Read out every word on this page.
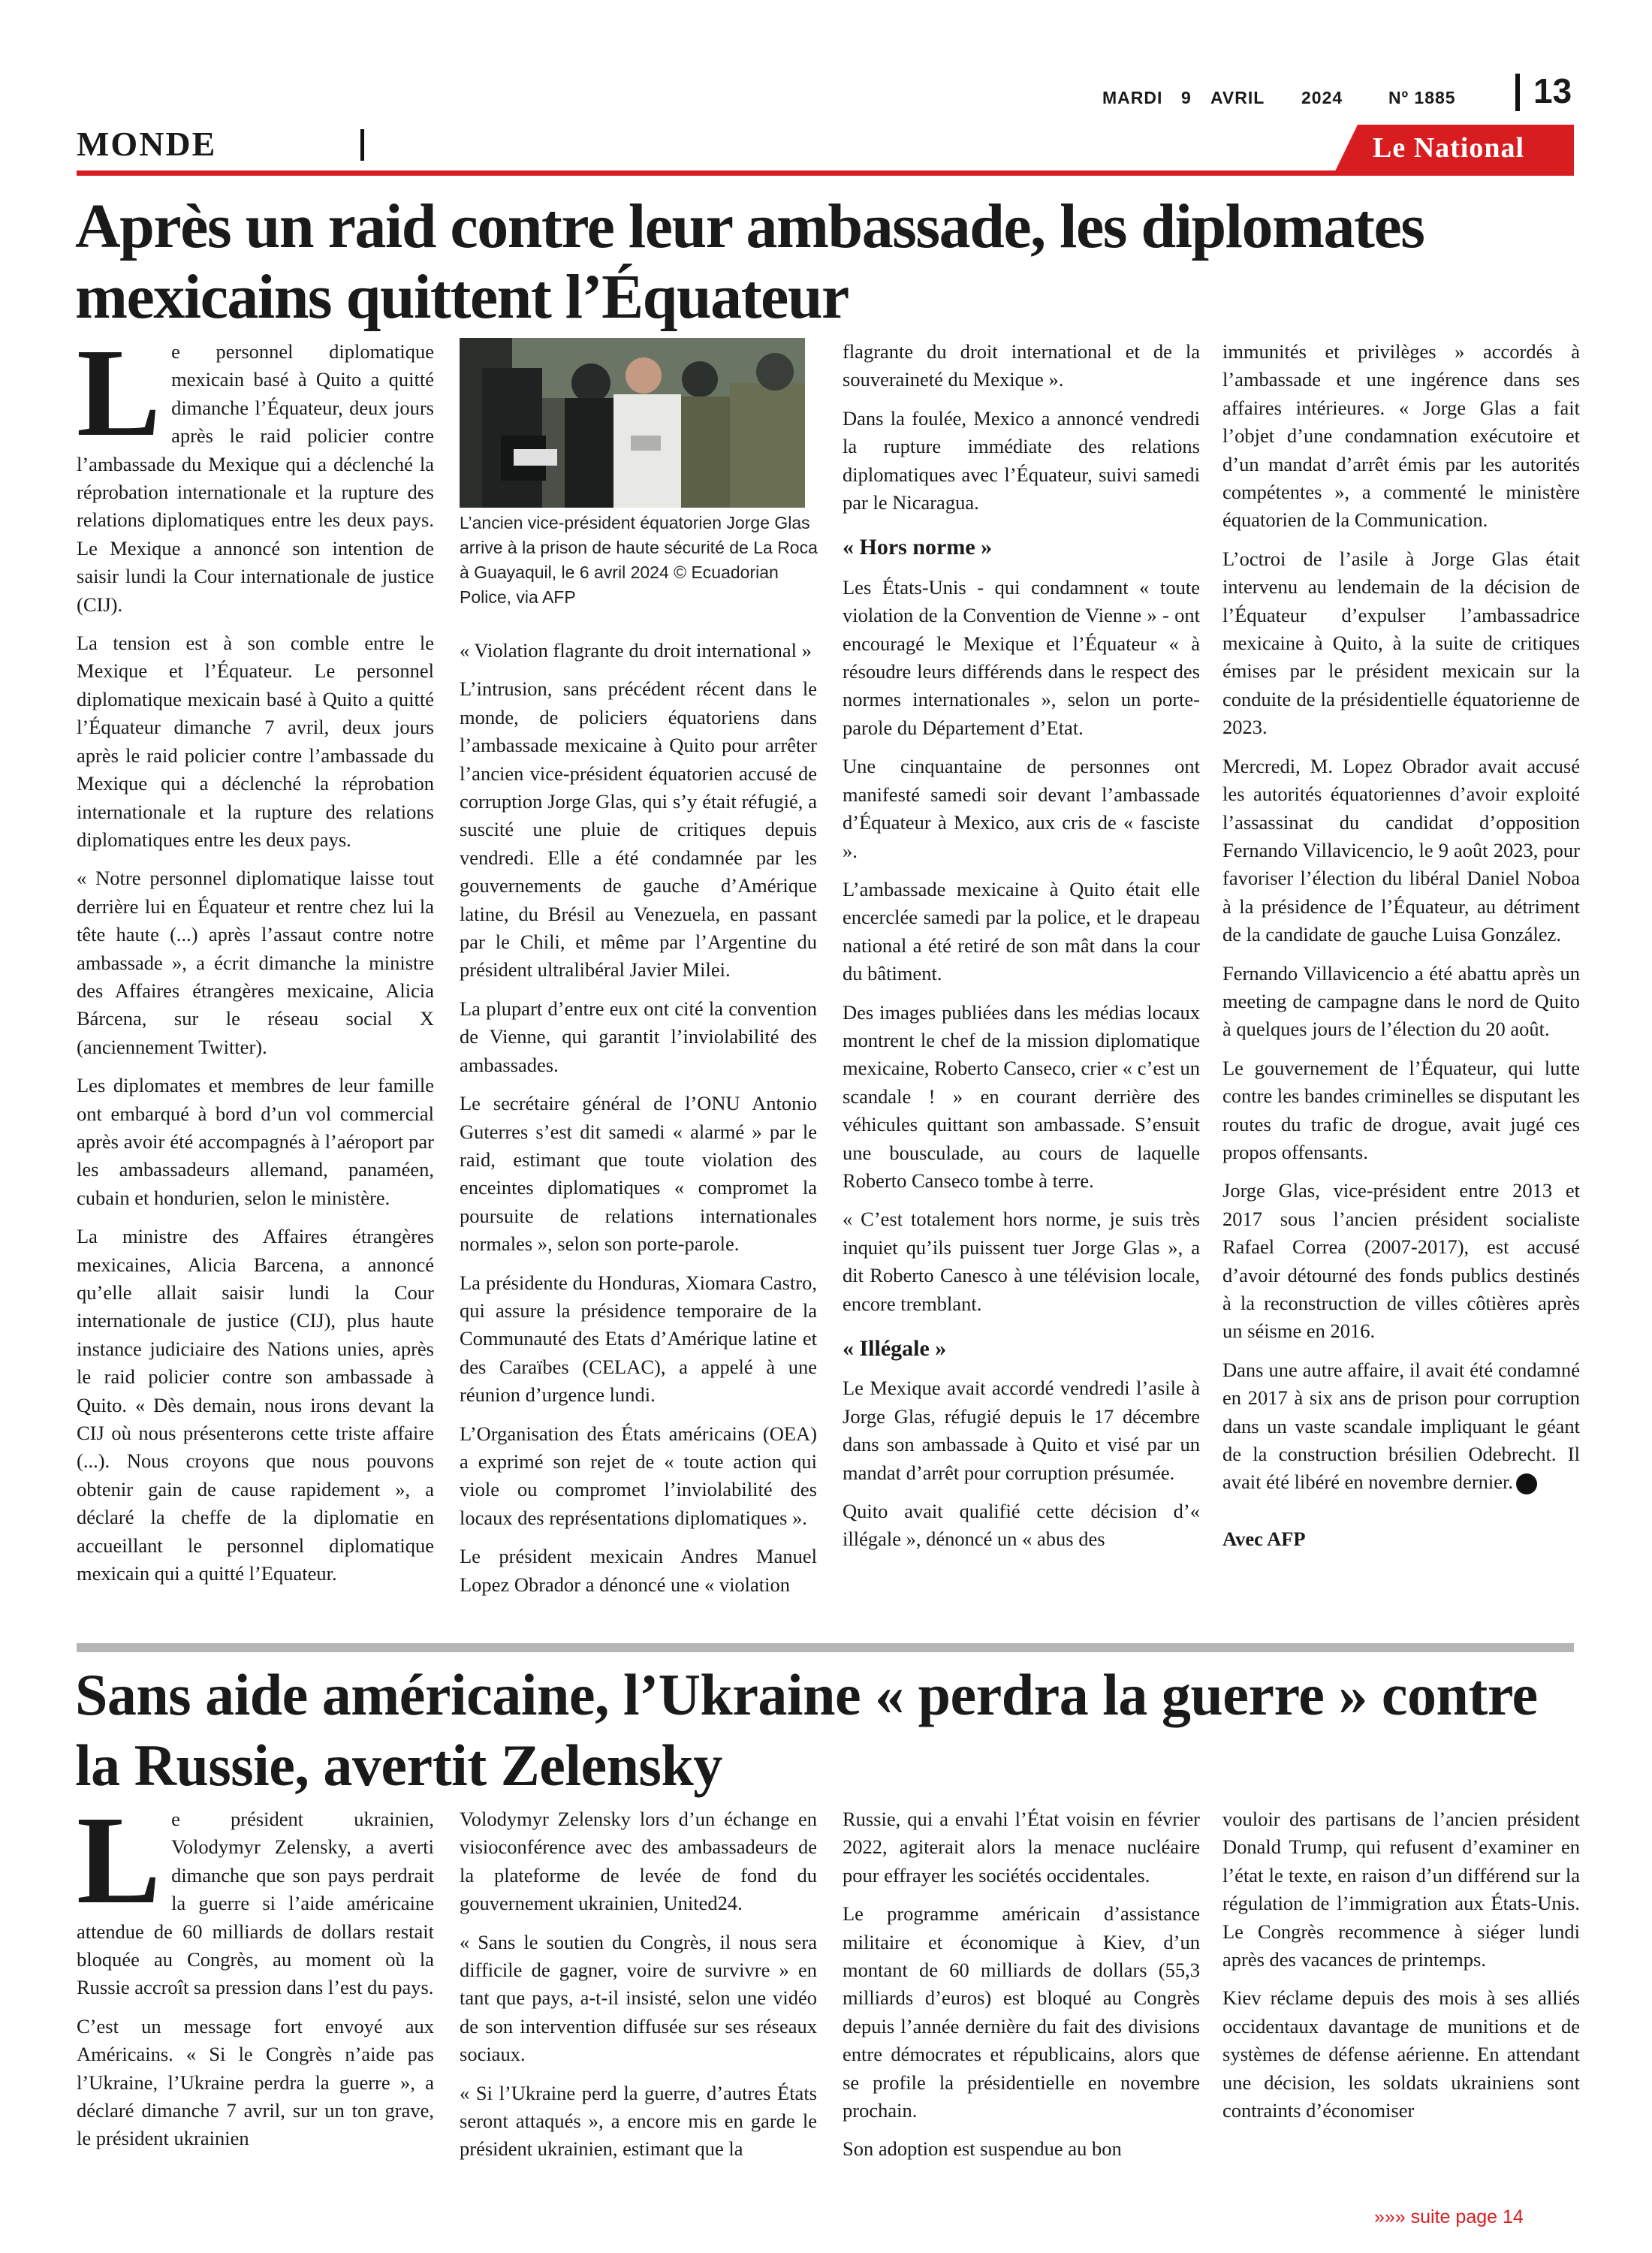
MARDI 9 AVRIL 2024	Nº 1885 13
MONDE	Le National
Après un raid contre leur ambassade, les diplomates mexicains quittent l’Équateur

Le personnel diplomatique mexicain basé à Quito a quitté dimanche l’Équateur, deux jours après le raid policier contre l’ambassade du Mexique qui a déclenché la réprobation internationale et la rupture des relations diplomatiques entre les deux pays. Le Mexique a annoncé son intention de saisir lundi la Cour internationale de justice (CIJ).

La tension est à son comble entre le Mexique et l’Équateur. Le personnel diplomatique mexicain basé à Quito a quitté l’Équateur dimanche 7 avril, deux jours après le raid policier contre l’ambassade du Mexique qui a déclenché la réprobation internationale et la rupture des relations diplomatiques entre les deux pays.

« Notre personnel diplomatique laisse tout derrière lui en Équateur et rentre chez lui la tête haute (...) après l’assaut contre notre ambassade », a écrit dimanche la ministre des Affaires étrangères mexicaine, Alicia Bárcena, sur le réseau social X (anciennement Twitter).

Les diplomates et membres de leur famille ont embarqué à bord d’un vol commercial après avoir été accompagnés à l’aéroport par les ambassadeurs allemand, panaméen, cubain et hondurien, selon le ministère.

La ministre des Affaires étrangères mexicaines, Alicia Barcena, a annoncé qu’elle allait saisir lundi la Cour internationale de justice (CIJ), plus haute instance judiciaire des Nations unies, après le raid policier contre son ambassade à Quito. « Dès demain, nous irons devant la CIJ où nous présenterons cette triste affaire (...). Nous croyons que nous pouvons obtenir gain de cause rapidement », a déclaré la cheffe de la diplomatie en accueillant le personnel diplomatique mexicain qui a quitté l’Equateur.

L’ancien vice-président équatorien Jorge Glas arrive à la prison de haute sécurité de La Roca à Guayaquil, le 6 avril 2024 © Ecuadorian Police, via AFP

« Violation flagrante du droit international »

L’intrusion, sans précédent récent dans le monde, de policiers équatoriens dans l’ambassade mexicaine à Quito pour arrêter l’ancien vice-président équatorien accusé de corruption Jorge Glas, qui s’y était réfugié, a suscité une pluie de critiques depuis vendredi. Elle a été condamnée par les gouvernements de gauche d’Amérique latine, du Brésil au Venezuela, en passant par le Chili, et même par l’Argentine du président ultralibéral Javier Milei.

La plupart d’entre eux ont cité la convention de Vienne, qui garantit l’inviolabilité des ambassades.

Le secrétaire général de l’ONU Antonio Guterres s’est dit samedi « alarmé » par le raid, estimant que toute violation des enceintes diplomatiques « compromet la poursuite de relations internationales normales », selon son porte-parole.

La présidente du Honduras, Xiomara Castro, qui assure la présidence temporaire de la Communauté des Etats d’Amérique latine et des Caraïbes (CELAC), a appelé à une réunion d’urgence lundi.

L’Organisation des États américains (OEA) a exprimé son rejet de « toute action qui viole ou compromet l’inviolabilité des locaux des représentations diplomatiques ».

Le président mexicain Andres Manuel Lopez Obrador a dénoncé une « violation

flagrante du droit international et de la souveraineté du Mexique ».

Dans la foulée, Mexico a annoncé vendredi la rupture immédiate des relations diplomatiques avec l’Équateur, suivi samedi par le Nicaragua.

« Hors norme »

Les États-Unis - qui condamnent « toute violation de la Convention de Vienne » - ont encouragé le Mexique et l’Équateur « à résoudre leurs différends dans le respect des normes internationales », selon un porte-parole du Département d’Etat.

Une cinquantaine de personnes ont manifesté samedi soir devant l’ambassade d’Équateur à Mexico, aux cris de « fasciste ».

L’ambassade mexicaine à Quito était elle encerclée samedi par la police, et le drapeau national a été retiré de son mât dans la cour du bâtiment.

Des images publiées dans les médias locaux montrent le chef de la mission diplomatique mexicaine, Roberto Canseco, crier « c’est un scandale ! » en courant derrière des véhicules quittant son ambassade. S’ensuit une bousculade, au cours de laquelle Roberto Canseco tombe à terre.

« C’est totalement hors norme, je suis très inquiet qu’ils puissent tuer Jorge Glas », a dit Roberto Canesco à une télévision locale, encore tremblant.

« Illégale »

Le Mexique avait accordé vendredi l’asile à Jorge Glas, réfugié depuis le 17 décembre dans son ambassade à Quito et visé par un mandat d’arrêt pour corruption présumée.

Quito avait qualifié cette décision d’« illégale », dénoncé un « abus des

immunités et privilèges » accordés à l’ambassade et une ingérence dans ses affaires intérieures. « Jorge Glas a fait l’objet d’une condamnation exécutoire et d’un mandat d’arrêt émis par les autorités compétentes », a commenté le ministère équatorien de la Communication.

L’octroi de l’asile à Jorge Glas était intervenu au lendemain de la décision de l’Équateur d’expulser l’ambassadrice mexicaine à Quito, à la suite de critiques émises par le président mexicain sur la conduite de la présidentielle équatorienne de 2023.

Mercredi, M. Lopez Obrador avait accusé les autorités équatoriennes d’avoir exploité l’assassinat du candidat d’opposition Fernando Villavicencio, le 9 août 2023, pour favoriser l’élection du libéral Daniel Noboa à la présidence de l’Équateur, au détriment de la candidate de gauche Luisa González.

Fernando Villavicencio a été abattu après un meeting de campagne dans le nord de Quito à quelques jours de l’élection du 20 août.

Le gouvernement de l’Équateur, qui lutte contre les bandes criminelles se disputant les routes du trafic de drogue, avait jugé ces propos offensants.

Jorge Glas, vice-président entre 2013 et 2017 sous l’ancien président socialiste Rafael Correa (2007-2017), est accusé d’avoir détourné des fonds publics destinés à la reconstruction de villes côtières après un séisme en 2016.

Dans une autre affaire, il avait été condamné en 2017 à six ans de prison pour corruption dans un vaste scandale impliquant le géant de la construction brésilien Odebrecht. Il avait été libéré en novembre dernier.

Avec AFP

Sans aide américaine, l’Ukraine « perdra la guerre » contre la Russie, avertit Zelensky

Le président ukrainien, Volodymyr Zelensky, a averti dimanche que son pays perdrait la guerre si l’aide américaine attendue de 60 milliards de dollars restait bloquée au Congrès, au moment où la Russie accroît sa pression dans l’est du pays.

C’est un message fort envoyé aux Américains. « Si le Congrès n’aide pas l’Ukraine, l’Ukraine perdra la guerre », a déclaré dimanche 7 avril, sur un ton grave, le président ukrainien

Volodymyr Zelensky lors d’un échange en visioconférence avec des ambassadeurs de la plateforme de levée de fond du gouvernement ukrainien, United24.

« Sans le soutien du Congrès, il nous sera difficile de gagner, voire de survivre » en tant que pays, a-t-il insisté, selon une vidéo de son intervention diffusée sur ses réseaux sociaux.

« Si l’Ukraine perd la guerre, d’autres États seront attaqués », a encore mis en garde le président ukrainien, estimant que la

Russie, qui a envahi l’État voisin en février 2022, agiterait alors la menace nucléaire pour effrayer les sociétés occidentales.

Le programme américain d’assistance militaire et économique à Kiev, d’un montant de 60 milliards de dollars (55,3 milliards d’euros) est bloqué au Congrès depuis l’année dernière du fait des divisions entre démocrates et républicains, alors que se profile la présidentielle en novembre prochain.

Son adoption est suspendue au bon

vouloir des partisans de l’ancien président Donald Trump, qui refusent d’examiner en l’état le texte, en raison d’un différend sur la régulation de l’immigration aux États-Unis. Le Congrès recommence à siéger lundi après des vacances de printemps.

Kiev réclame depuis des mois à ses alliés occidentaux davantage de munitions et de systèmes de défense aérienne. En attendant une décision, les soldats ukrainiens sont contraints d’économiser

»»» suite page 14
